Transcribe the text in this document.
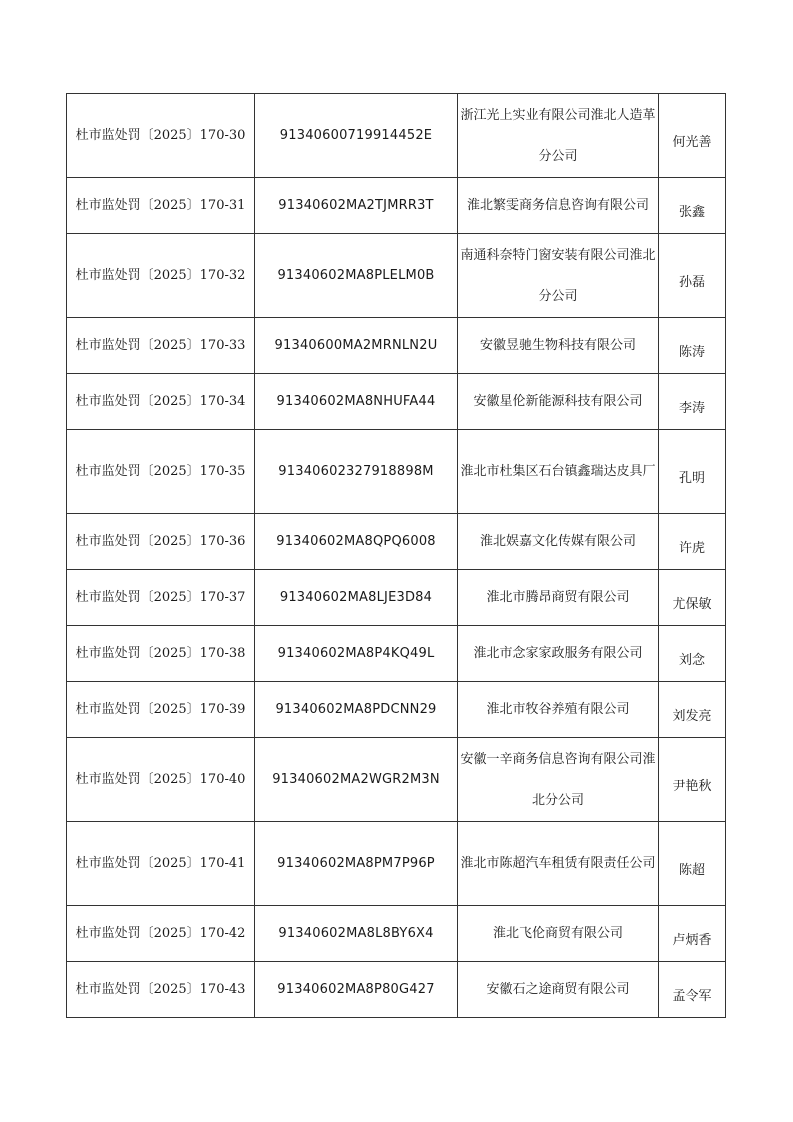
杜市监处罚〔2025〕170-30	91340600719914452E	浙江光上实业有限公司淮北人造革分公司	何光善

杜市监处罚〔2025〕170-31	91340602MA2TJMRR3T	淮北繁雯商务信息咨询有限公司	张鑫

杜市监处罚〔2025〕170-32	91340602MA8PLELM0B	南通科奈特门窗安装有限公司淮北分公司	孙磊

杜市监处罚〔2025〕170-33	91340600MA2MRNLN2U	安徽昱驰生物科技有限公司	陈涛

杜市监处罚〔2025〕170-34	91340602MA8NHUFA44	安徽星伦新能源科技有限公司	李涛

杜市监处罚〔2025〕170-35	91340602327918898M	淮北市杜集区石台镇鑫瑞达皮具厂	孔明

杜市监处罚〔2025〕170-36	91340602MA8QPQ6008	淮北娱嘉文化传媒有限公司	许虎

杜市监处罚〔2025〕170-37	91340602MA8LJE3D84	淮北市腾昂商贸有限公司	尤保敏

杜市监处罚〔2025〕170-38	91340602MA8P4KQ49L	淮北市念家家政服务有限公司	刘念

杜市监处罚〔2025〕170-39	91340602MA8PDCNN29	淮北市牧谷养殖有限公司	刘发亮

杜市监处罚〔2025〕170-40	91340602MA2WGR2M3N	安徽一辛商务信息咨询有限公司淮北分公司	尹艳秋

杜市监处罚〔2025〕170-41	91340602MA8PM7P96P	淮北市陈超汽车租赁有限责任公司	陈超

杜市监处罚〔2025〕170-42	91340602MA8L8BY6X4	淮北飞伦商贸有限公司	卢炳香

杜市监处罚〔2025〕170-43	91340602MA8P80G427	安徽石之途商贸有限公司	孟令军
